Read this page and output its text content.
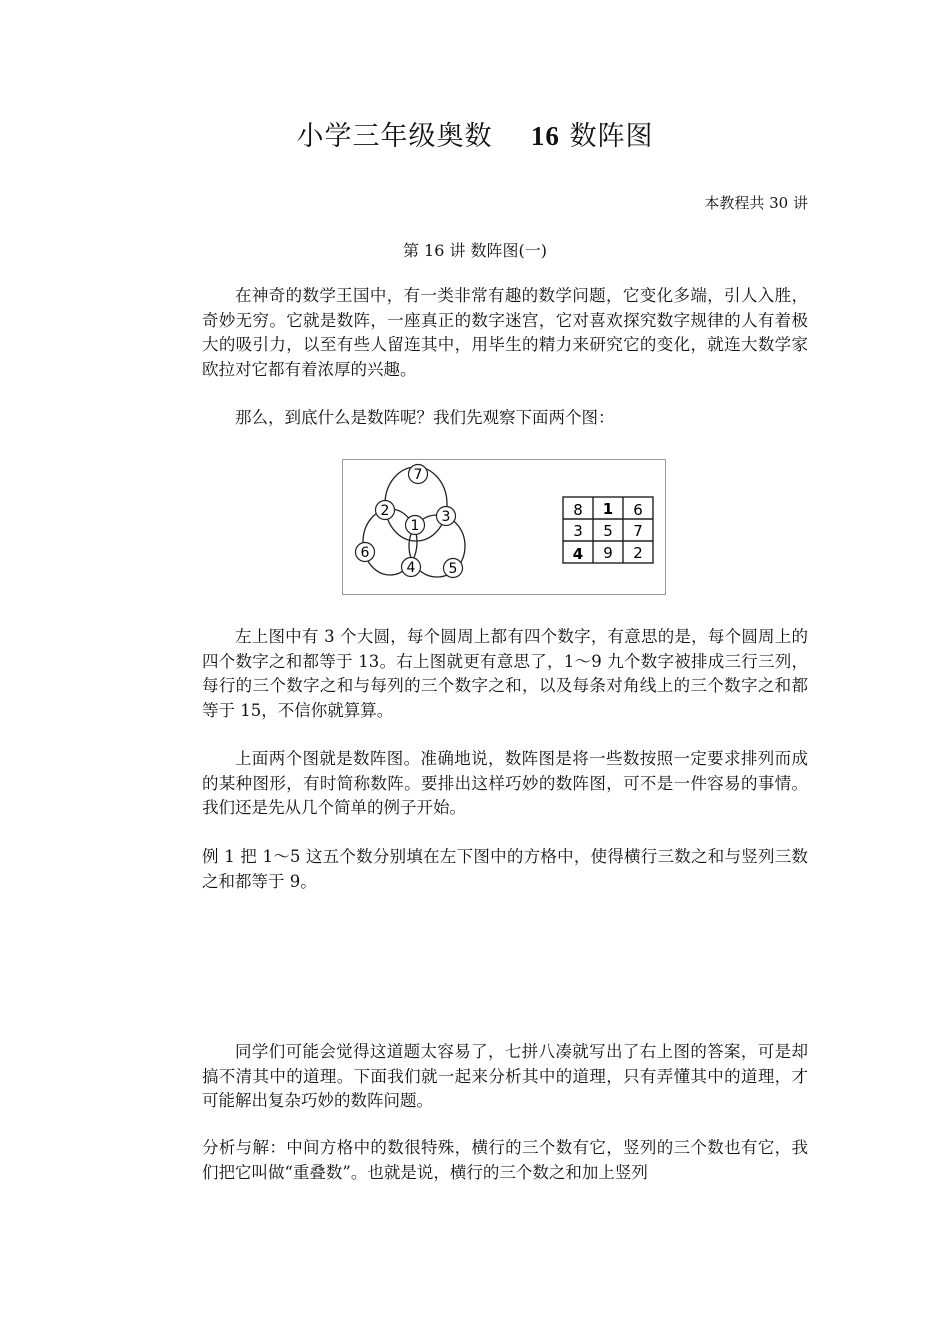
小学三年级奥数 16 数阵图
本教程共 30 讲
第 16 讲 数阵图(一)

在神奇的数学王国中，有一类非常有趣的数学问题，它变化多端，引人入胜，奇妙无穷。它就是数阵，一座真正的数字迷宫，它对喜欢探究数字规律的人有着极大的吸引力，以至有些人留连其中，用毕生的精力来研究它的变化，就连大数学家欧拉对它都有着浓厚的兴趣。

那么，到底什么是数阵呢？我们先观察下面两个图：

7
2
1
3
6
4 5
8 1 6
3 5 7
4 9 2

左上图中有 3 个大圆，每个圆周上都有四个数字，有意思的是，每个圆周上的四个数字之和都等于 13。右上图就更有意思了，1～9 九个数字被排成三行三列，每行的三个数字之和与每列的三个数字之和，以及每条对角线上的三个数字之和都等于 15，不信你就算算。

上面两个图就是数阵图。准确地说，数阵图是将一些数按照一定要求排列而成的某种图形，有时简称数阵。要排出这样巧妙的数阵图，可不是一件容易的事情。我们还是先从几个简单的例子开始。

例 1 把 1～5 这五个数分别填在左下图中的方格中，使得横行三数之和与竖列三数之和都等于 9。

同学们可能会觉得这道题太容易了，七拼八凑就写出了右上图的答案，可是却搞不清其中的道理。下面我们就一起来分析其中的道理，只有弄懂其中的道理，才可能解出复杂巧妙的数阵问题。

分析与解：中间方格中的数很特殊，横行的三个数有它，竖列的三个数也有它，我们把它叫做“重叠数”。也就是说，横行的三个数之和加上竖列
